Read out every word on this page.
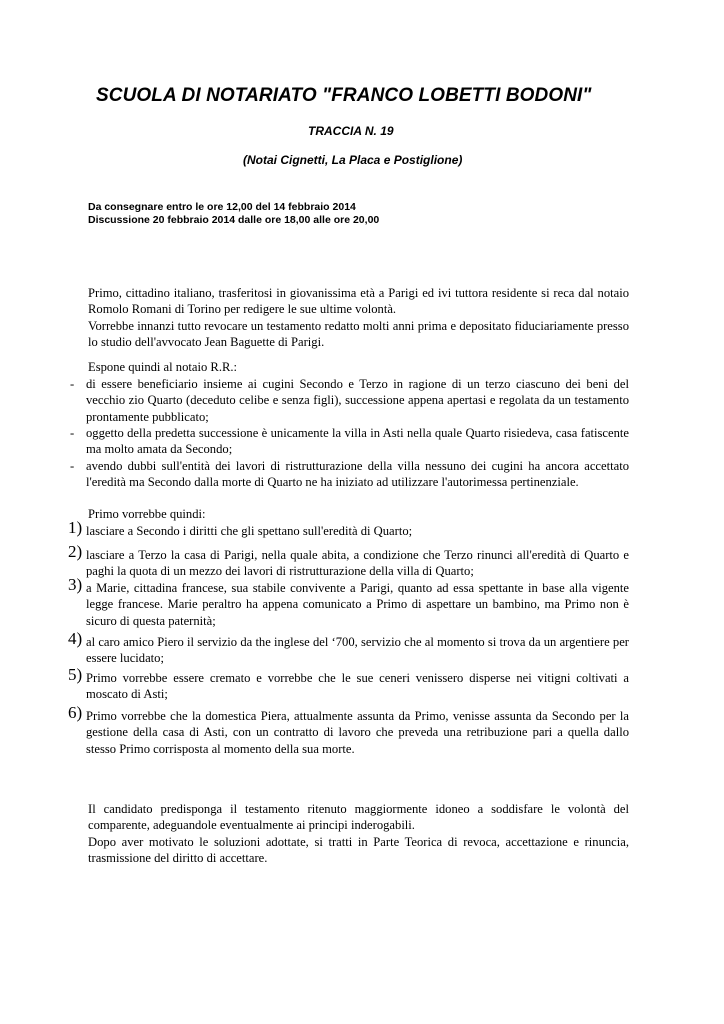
SCUOLA DI NOTARIATO "FRANCO LOBETTI BODONI"
TRACCIA N. 19
(Notai Cignetti, La Placa e Postiglione)
Da consegnare entro le ore 12,00 del 14 febbraio 2014
Discussione 20 febbraio 2014 dalle ore 18,00 alle ore 20,00

Primo, cittadino italiano, trasferitosi in giovanissima età a Parigi ed ivi tuttora residente si reca dal notaio Romolo Romani di Torino per redigere le sue ultime volontà.

Vorrebbe innanzi tutto revocare un testamento redatto molti anni prima e depositato fiduciariamente presso lo studio dell'avvocato Jean Baguette di Parigi.

Espone quindi al notaio R.R.:

- di essere beneficiario insieme ai cugini Secondo e Terzo in ragione di un terzo ciascuno dei beni del vecchio zio Quarto (deceduto celibe e senza figli), successione appena apertasi e regolata da un testamento prontamente pubblicato;
- oggetto della predetta successione è unicamente la villa in Asti nella quale Quarto risiedeva, casa fatiscente ma molto amata da Secondo;
- avendo dubbi sull'entità dei lavori di ristrutturazione della villa nessuno dei cugini ha ancora accettato l'eredità ma Secondo dalla morte di Quarto ne ha iniziato ad utilizzare l'autorimessa pertinenziale.

Primo vorrebbe quindi:

1) lasciare a Secondo i diritti che gli spettano sull'eredità di Quarto;
2) lasciare a Terzo la casa di Parigi, nella quale abita, a condizione che Terzo rinunci all'eredità di Quarto e paghi la quota di un mezzo dei lavori di ristrutturazione della villa di Quarto;
3) a Marie, cittadina francese, sua stabile convivente a Parigi, quanto ad essa spettante in base alla vigente legge francese. Marie peraltro ha appena comunicato a Primo di aspettare un bambino, ma Primo non è sicuro di questa paternità;
4) al caro amico Piero il servizio da the inglese del ‘700, servizio che al momento si trova da un argentiere per essere lucidato;
5) Primo vorrebbe essere cremato e vorrebbe che le sue ceneri venissero disperse nei vitigni coltivati a moscato di Asti;
6) Primo vorrebbe che la domestica Piera, attualmente assunta da Primo, venisse assunta da Secondo per la gestione della casa di Asti, con un contratto di lavoro che preveda una retribuzione pari a quella dallo stesso Primo corrisposta al momento della sua morte.

Il candidato predisponga il testamento ritenuto maggiormente idoneo a soddisfare le volontà del comparente, adeguandole eventualmente ai principi inderogabili.

Dopo aver motivato le soluzioni adottate, si tratti in Parte Teorica di revoca, accettazione e rinuncia, trasmissione del diritto di accettare.
